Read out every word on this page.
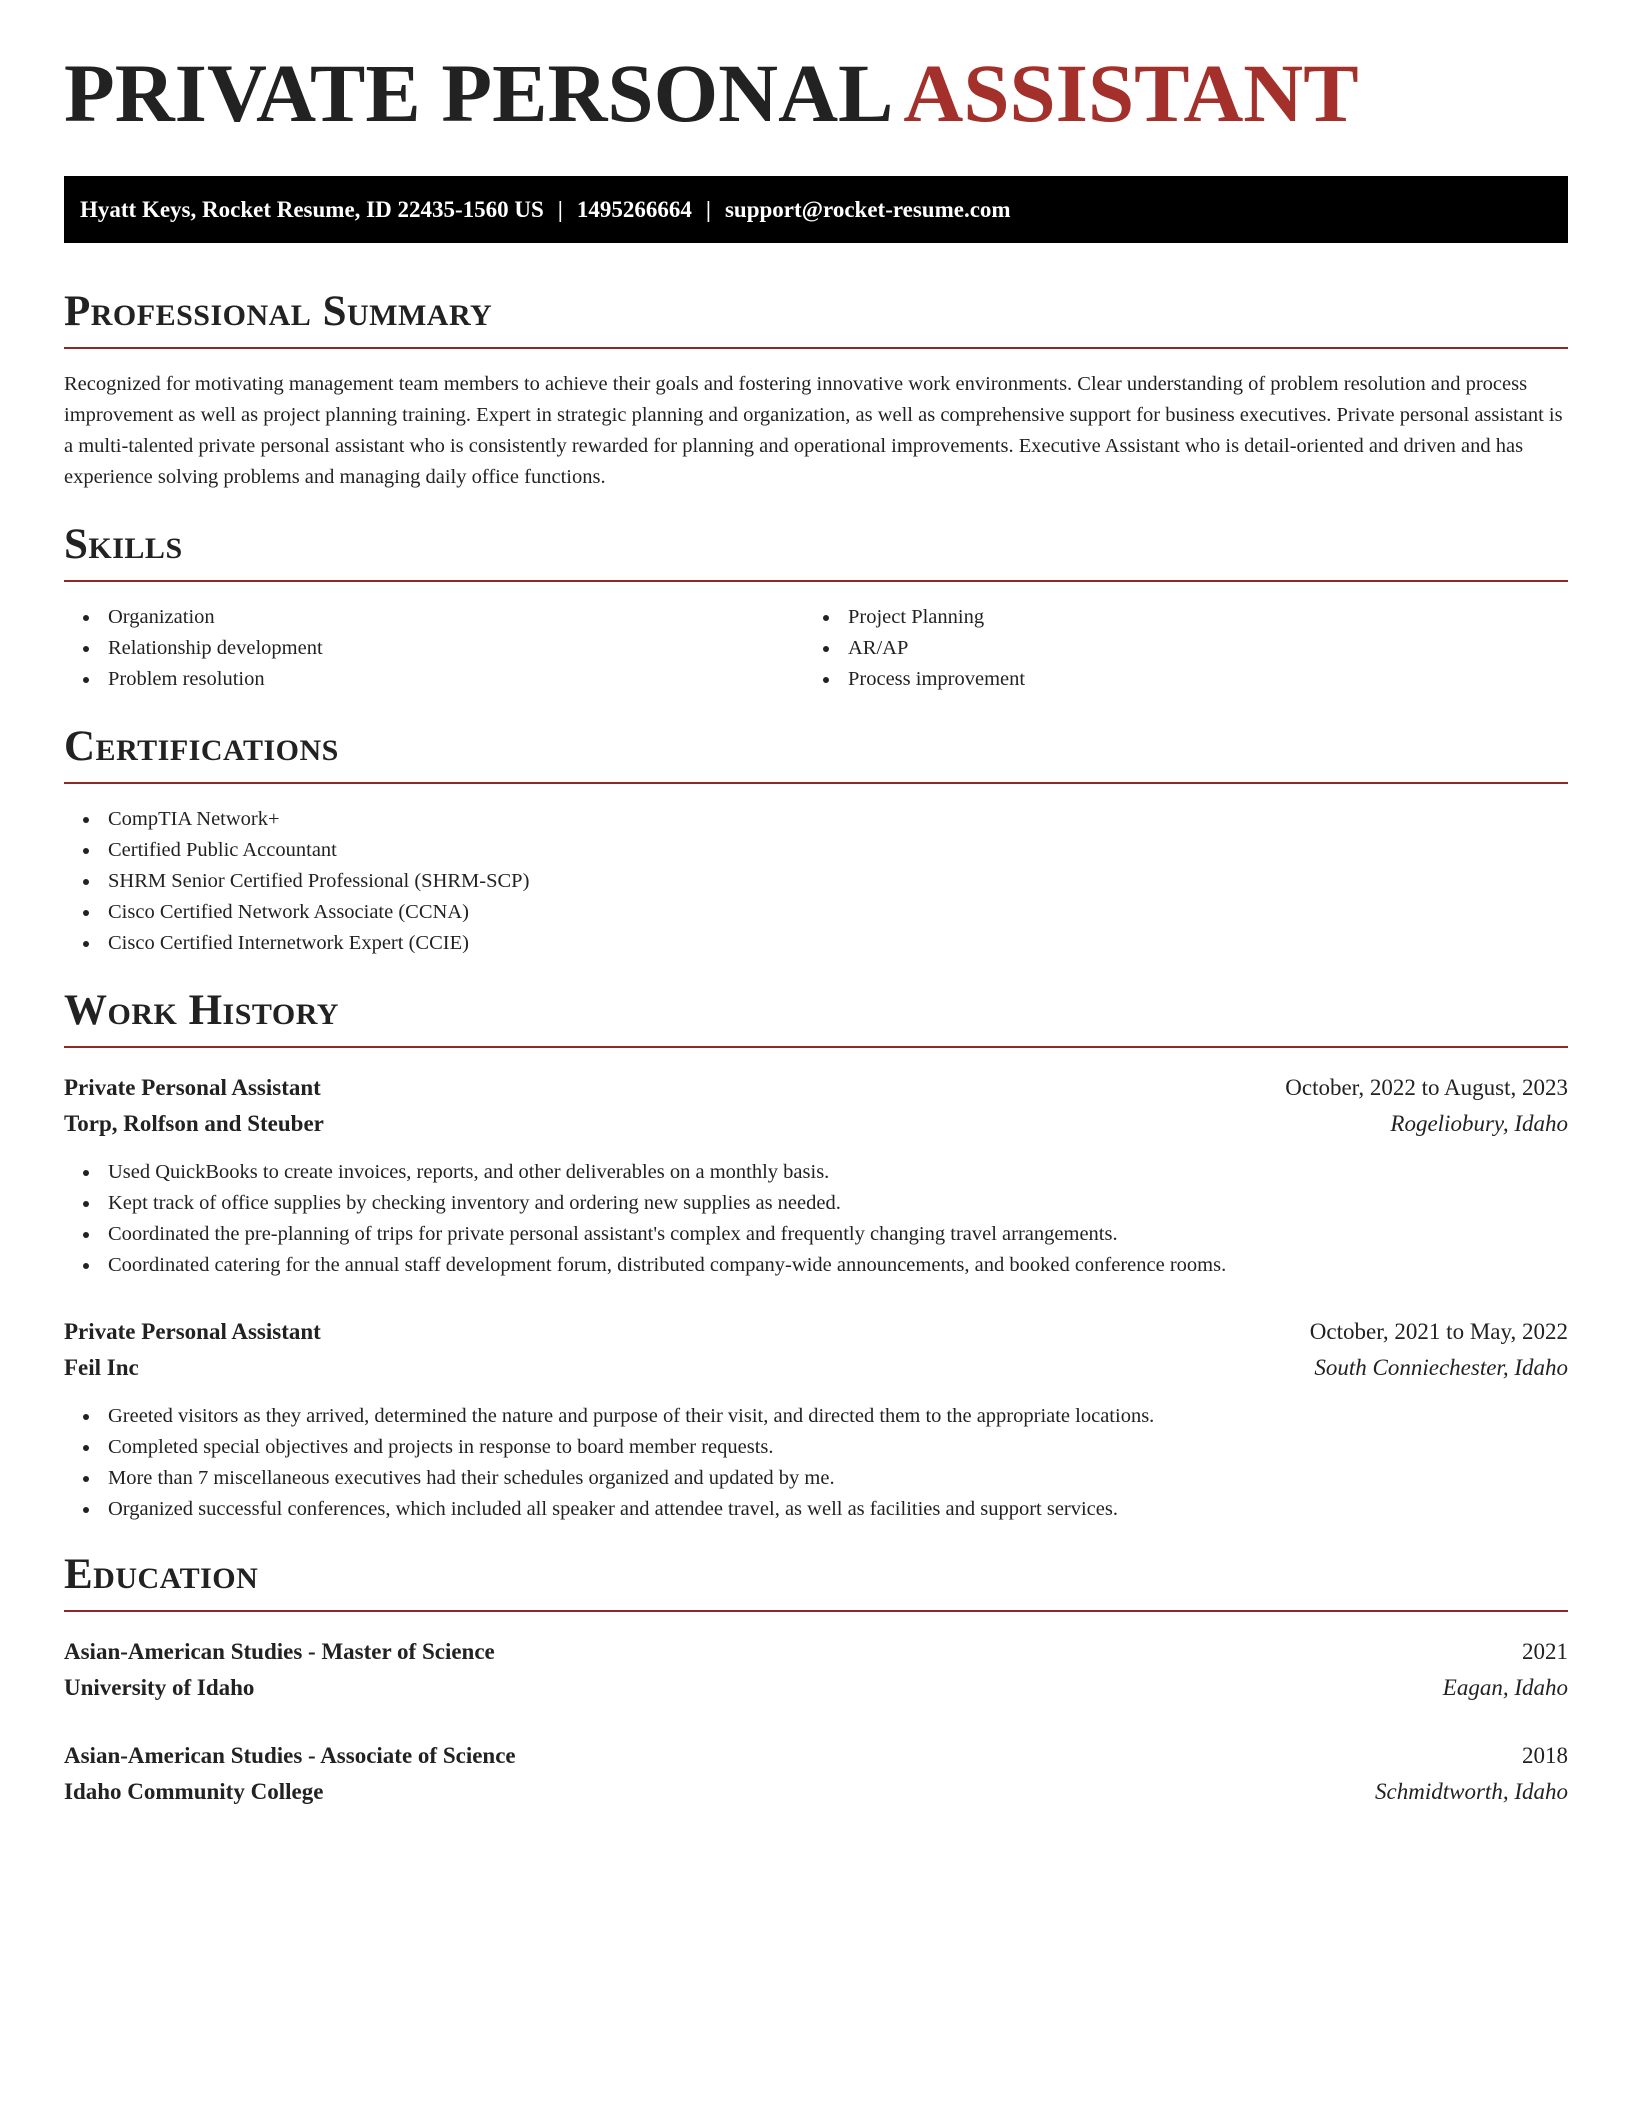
PRIVATE PERSONAL ASSISTANT
Hyatt Keys, Rocket Resume, ID 22435-1560 US | 1495266664 | support@rocket-resume.com
Professional Summary

Recognized for motivating management team members to achieve their goals and fostering innovative work environments. Clear understanding of problem resolution and process improvement as well as project planning training. Expert in strategic planning and organization, as well as comprehensive support for business executives. Private personal assistant is a multi-talented private personal assistant who is consistently rewarded for planning and operational improvements. Executive Assistant who is detail-oriented and driven and has experience solving problems and managing daily office functions.

Skills
Organization
Relationship development
Problem resolution
Project Planning
AR/AP
Process improvement
Certifications
CompTIA Network+
Certified Public Accountant
SHRM Senior Certified Professional (SHRM-SCP)
Cisco Certified Network Associate (CCNA)
Cisco Certified Internetwork Expert (CCIE)
Work History
Private Personal Assistant	October, 2022 to August, 2023
Torp, Rolfson and Steuber	Rogeliobury, Idaho
Used QuickBooks to create invoices, reports, and other deliverables on a monthly basis.
Kept track of office supplies by checking inventory and ordering new supplies as needed.
Coordinated the pre-planning of trips for private personal assistant's complex and frequently changing travel arrangements.
Coordinated catering for the annual staff development forum, distributed company-wide announcements, and booked conference rooms.
Private Personal Assistant	October, 2021 to May, 2022
Feil Inc	South Conniechester, Idaho
Greeted visitors as they arrived, determined the nature and purpose of their visit, and directed them to the appropriate locations.
Completed special objectives and projects in response to board member requests.
More than 7 miscellaneous executives had their schedules organized and updated by me.
Organized successful conferences, which included all speaker and attendee travel, as well as facilities and support services.
Education
Asian-American Studies - Master of Science	2021
University of Idaho	Eagan, Idaho
Asian-American Studies - Associate of Science	2018
Idaho Community College	Schmidtworth, Idaho
